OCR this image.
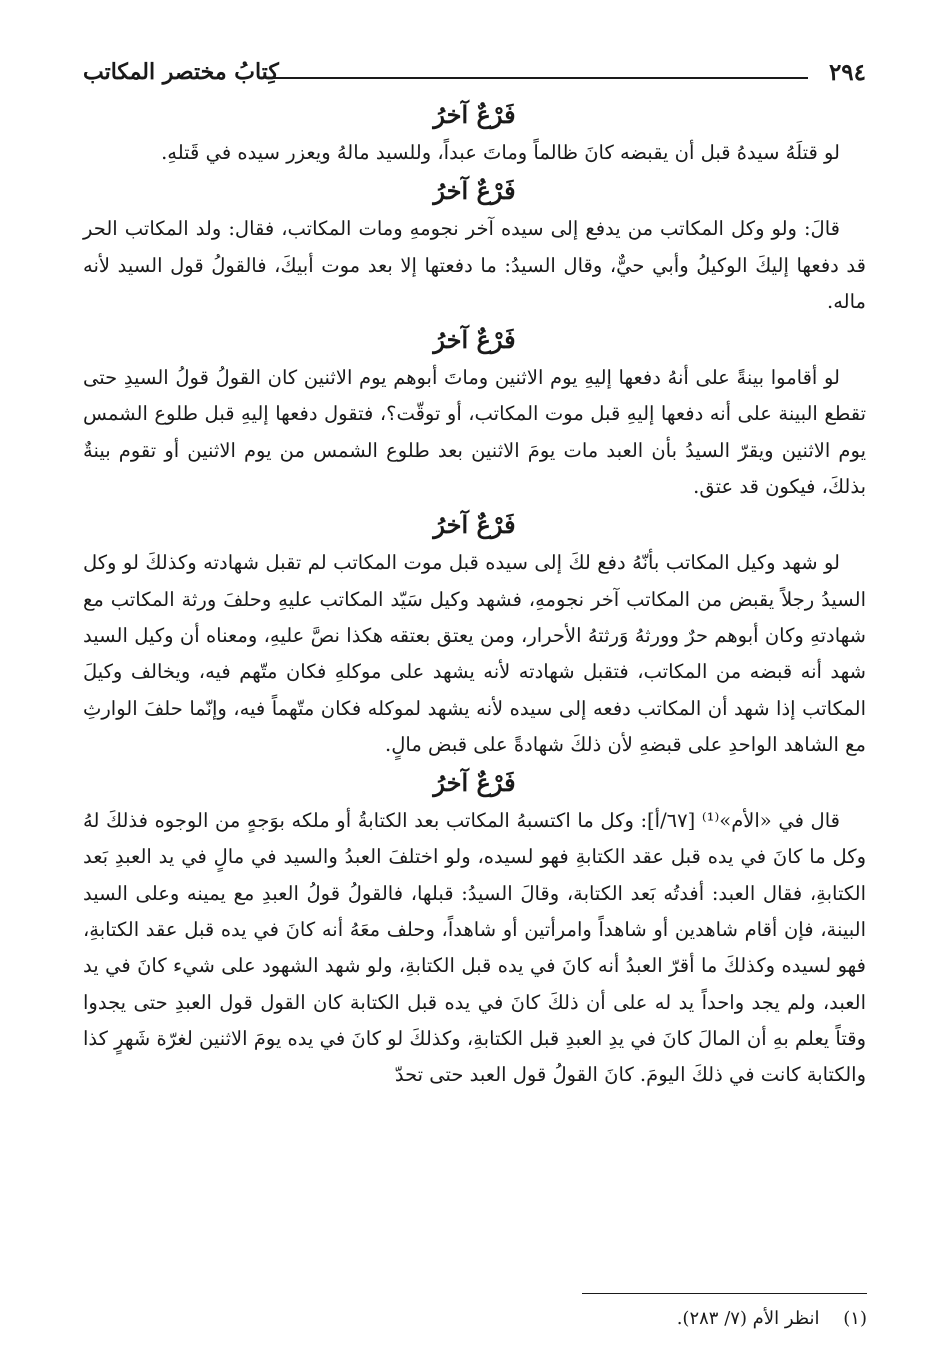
٢٩٤
كِتابُ مختصر المكاتب
فَرْعٌ آخرُ

لو قتلَهُ سيدهُ قبل أن يقبضه كانَ ظالماً وماتَ عبداً، وللسيد مالهُ ويعزر سيده في قَتلهِ.

فَرْعٌ آخرُ

قالَ: ولو وكل المكاتب من يدفع إلى سيده آخر نجومهِ ومات المكاتب، فقال: ولد المكاتب الحر قد دفعها إليكَ الوكيلُ وأبي حيٌّ، وقال السيدُ: ما دفعتها إلا بعد موت أبيكَ، فالقولُ قول السيد لأنه ماله.

فَرْعٌ آخرُ

لو أقاموا بينةً على أنهُ دفعها إليهِ يوم الاثنين وماتَ أبوهم يوم الاثنين كان القولُ قولُ السيدِ حتى تقطع البينة على أنه دفعها إليهِ قبل موت المكاتب، أو توقّت؟، فتقول دفعها إليهِ قبل طلوع الشمس يوم الاثنين ويقرّ السيدُ بأن العبد مات يومَ الاثنين بعد طلوع الشمس من يوم الاثنين أو تقوم بينةٌ بذلكَ، فيكون قد عتق.

فَرْعٌ آخرُ

لو شهد وكيل المكاتب بأنّهُ دفع لكَ إلى سيده قبل موت المكاتب لم تقبل شهادته وكذلكَ لو وكل السيدُ رجلاً يقبض من المكاتب آخر نجومهِ، فشهد وكيل سَيّد المكاتب عليهِ وحلفَ ورثة المكاتب مع شهادتهِ وكان أبوهم حرٌ وورثهُ وَرثتهُ الأحرار، ومن يعتق بعتقه هكذا نصَّ عليهِ، ومعناه أن وكيل السيد شهد أنه قبضه من المكاتب، فتقبل شهادته لأنه يشهد على موكلهِ فكان متّهم فيه، ويخالف وكيلَ المكاتب إذا شهد أن المكاتب دفعه إلى سيده لأنه يشهد لموكله فكان متّهماً فيه، وإنّما حلفَ الوارثِ مع الشاهد الواحدِ على قبضهِ لأن ذلكَ شهادةً على قبض مالٍ.

فَرْعٌ آخرُ

قال في «الأم»⁽¹⁾ [٦٧/أ]: وكل ما اكتسبهُ المكاتب بعد الكتابةُ أو ملكه بوَجهٍ من الوجوه فذلكَ لهُ وكل ما كانَ في يده قبل عقد الكتابةِ فهو لسيده، ولو اختلفَ العبدُ والسيد في مالٍ في يد العبدِ بَعد الكتابةِ، فقال العبد: أفدتُه بَعد الكتابة، وقالَ السيدُ: قبلها، فالقولُ قولُ العبدِ مع يمينه وعلى السيد البينة، فإن أقام شاهدين أو شاهداً وامرأتين أو شاهداً، وحلف معَهُ أنه كانَ في يده قبل عقد الكتابةِ، فهو لسيده وكذلكَ ما أقرّ العبدُ أنه كانَ في يده قبل الكتابةِ، ولو شهد الشهود على شيء كانَ في يد العبد، ولم يجد واحداً يد له على أن ذلكَ كانَ في يده قبل الكتابة كان القول قول العبدِ حتى يجدوا وقتاً يعلم بهِ أن المالَ كانَ في يدِ العبدِ قبل الكتابةِ، وكذلكَ لو كانَ في يده يومَ الاثنين لغرّة شَهرٍ كذا والكتابة كانت في ذلكَ اليومَ. كانَ القولُ قول العبد حتى تحدّ

(١) انظر الأم (٧/ ٢٨٣).
